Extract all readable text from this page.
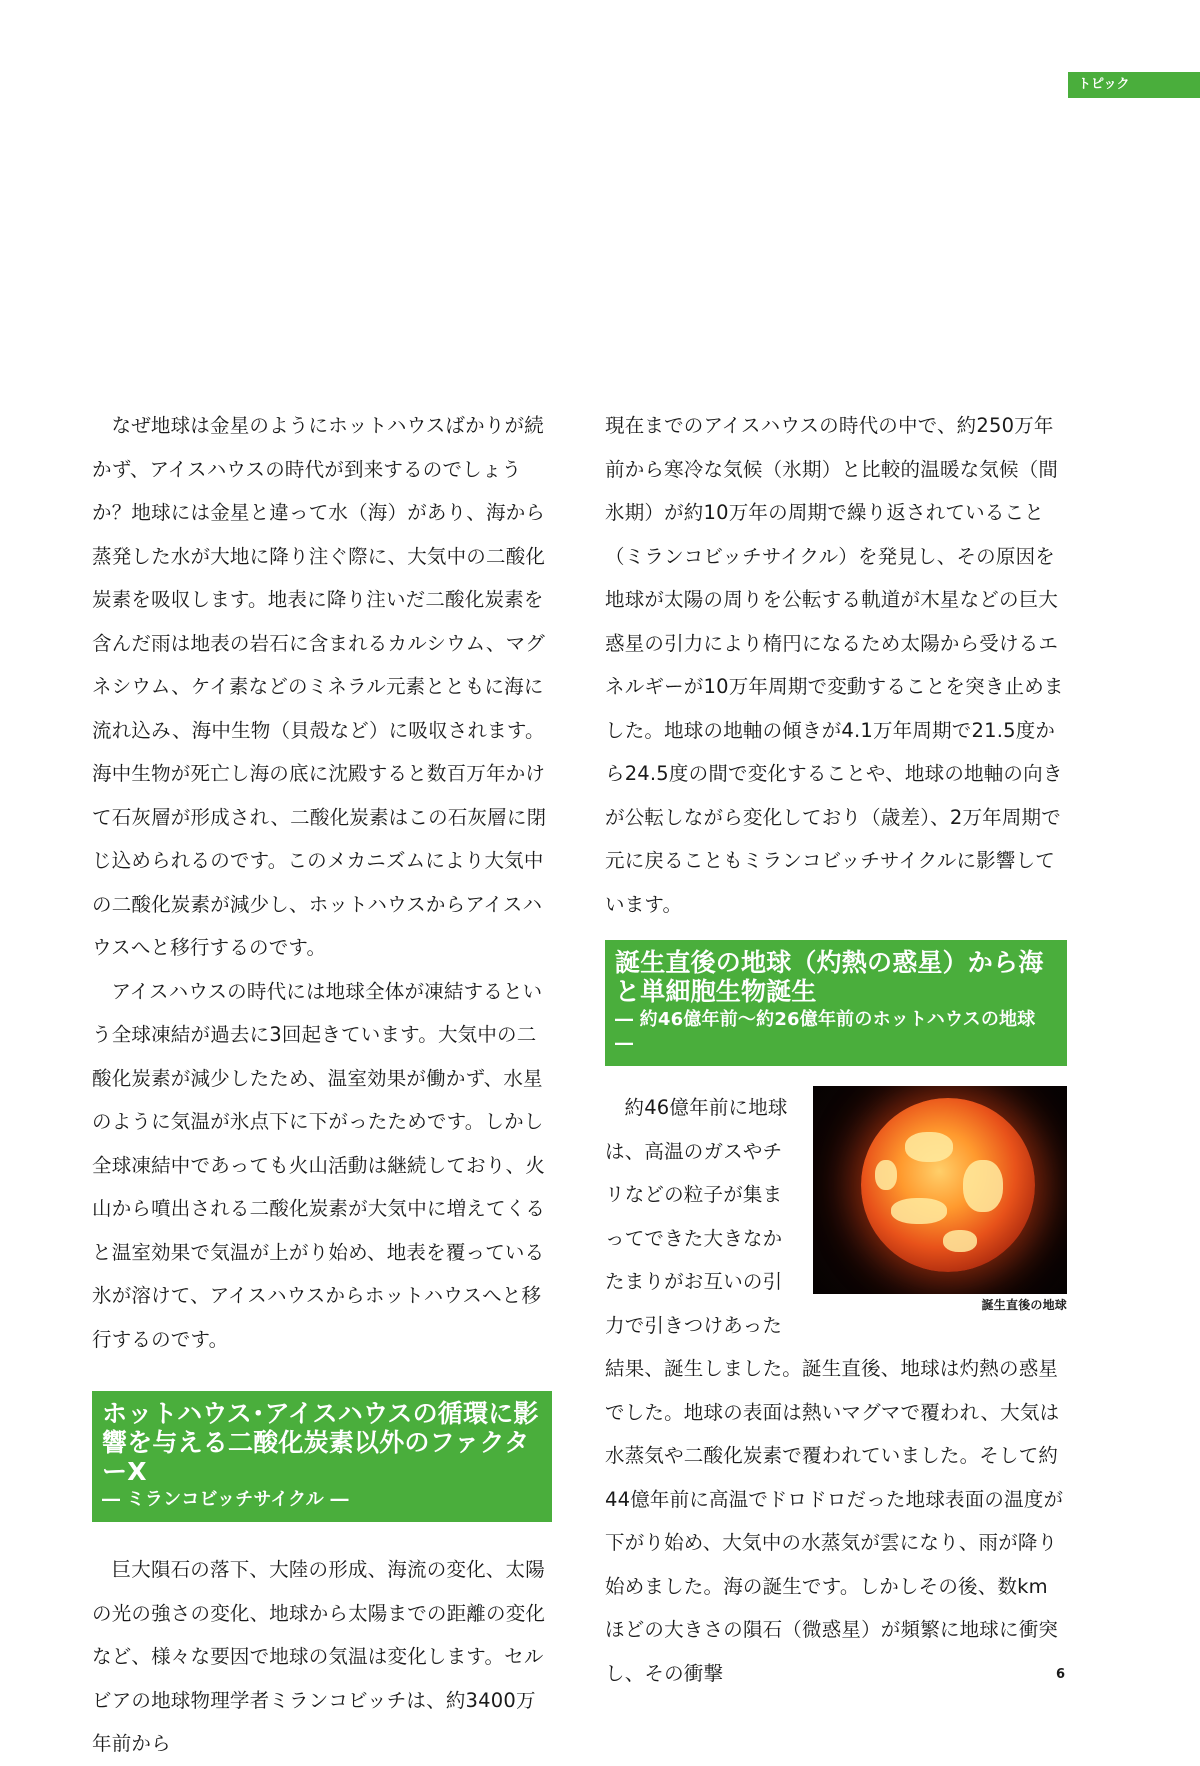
トピック

なぜ地球は金星のようにホットハウスばかりが続かず、アイスハウスの時代が到来するのでしょうか？地球には金星と違って水（海）があり、海から蒸発した水が大地に降り注ぐ際に、大気中の二酸化炭素を吸収します。地表に降り注いだ二酸化炭素を含んだ雨は地表の岩石に含まれるカルシウム、マグネシウム、ケイ素などのミネラル元素とともに海に流れ込み、海中生物（貝殻など）に吸収されます。海中生物が死亡し海の底に沈殿すると数百万年かけて石灰層が形成され、二酸化炭素はこの石灰層に閉じ込められるのです。このメカニズムにより大気中の二酸化炭素が減少し、ホットハウスからアイスハウスへと移行するのです。

アイスハウスの時代には地球全体が凍結するという全球凍結が過去に3回起きています。大気中の二酸化炭素が減少したため、温室効果が働かず、水星のように気温が氷点下に下がったためです。しかし全球凍結中であっても火山活動は継続しており、火山から噴出される二酸化炭素が大気中に増えてくると温室効果で気温が上がり始め、地表を覆っている氷が溶けて、アイスハウスからホットハウスへと移行するのです。

ホットハウス･アイスハウスの循環に影響を与える二酸化炭素以外のファクターX
― ミランコビッチサイクル ―

巨大隕石の落下、大陸の形成、海流の変化、太陽の光の強さの変化、地球から太陽までの距離の変化など、様々な要因で地球の気温は変化します。セルビアの地球物理学者ミランコビッチは、約3400万年前から

現在までのアイスハウスの時代の中で、約250万年前から寒冷な気候（氷期）と比較的温暖な気候（間氷期）が約10万年の周期で繰り返されていること（ミランコビッチサイクル）を発見し、その原因を地球が太陽の周りを公転する軌道が木星などの巨大惑星の引力により楕円になるため太陽から受けるエネルギーが10万年周期で変動することを突き止めました。地球の地軸の傾きが4.1万年周期で21.5度から24.5度の間で変化することや、地球の地軸の向きが公転しながら変化しており（歳差）、2万年周期で元に戻ることもミランコビッチサイクルに影響しています。

誕生直後の地球（灼熱の惑星）から海と単細胞生物誕生
― 約46億年前～約26億年前のホットハウスの地球 ―
誕生直後の地球

約46億年前に地球は、高温のガスやチリなどの粒子が集まってできた大きなかたまりがお互いの引力で引きつけあった結果、誕生しました。誕生直後、地球は灼熱の惑星でした。地球の表面は熱いマグマで覆われ、大気は水蒸気や二酸化炭素で覆われていました。そして約44億年前に高温でドロドロだった地球表面の温度が下がり始め、大気中の水蒸気が雲になり、雨が降り始めました。海の誕生です。しかしその後、数kmほどの大きさの隕石（微惑星）が頻繁に地球に衝突し、その衝撃	6
